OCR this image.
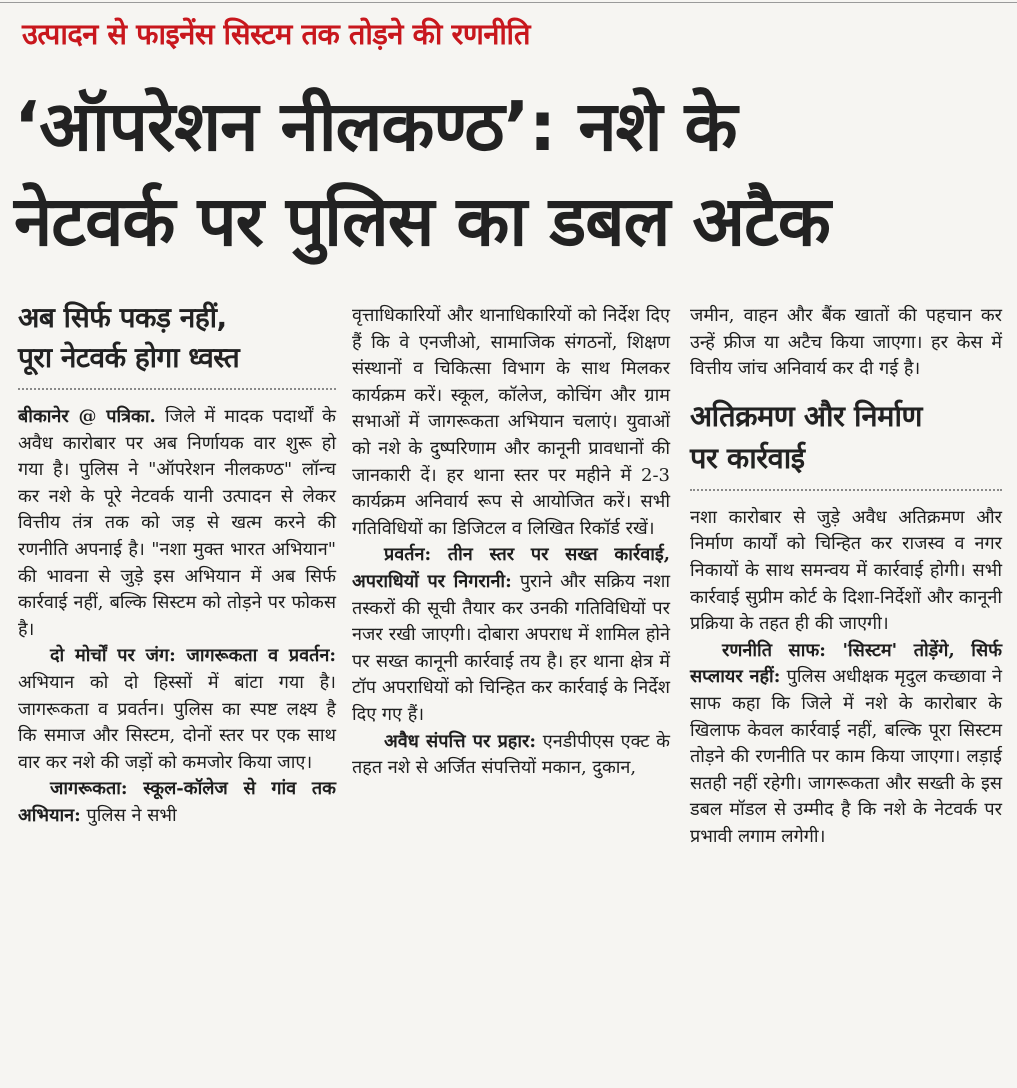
उत्पादन से फाइनेंस सिस्टम तक तोड़ने की रणनीति
‘ऑपरेशन नीलकण्ठ’: नशे के
नेटवर्क पर पुलिस का डबल अटैक
अब सिर्फ पकड़ नहीं,
पूरा नेटवर्क होगा ध्वस्त

बीकानेर @ पत्रिका. जिले में मादक पदार्थों के अवैध कारोबार पर अब निर्णायक वार शुरू हो गया है। पुलिस ने "ऑपरेशन नीलकण्ठ" लॉन्च कर नशे के पूरे नेटवर्क यानी उत्पादन से लेकर वित्तीय तंत्र तक को जड़ से खत्म करने की रणनीति अपनाई है। "नशा मुक्त भारत अभियान" की भावना से जुड़े इस अभियान में अब सिर्फ कार्रवाई नहीं, बल्कि सिस्टम को तोड़ने पर फोकस है।

दो मोर्चों पर जंग: जागरूकता व प्रवर्तन: अभियान को दो हिस्सों में बांटा गया है। जागरूकता व प्रवर्तन। पुलिस का स्पष्ट लक्ष्य है कि समाज और सिस्टम, दोनों स्तर पर एक साथ वार कर नशे की जड़ों को कमजोर किया जाए।

जागरूकता: स्कूल-कॉलेज से गांव तक अभियान: पुलिस ने सभी

वृत्ताधिकारियों और थानाधिकारियों को निर्देश दिए हैं कि वे एनजीओ, सामाजिक संगठनों, शिक्षण संस्थानों व चिकित्सा विभाग के साथ मिलकर कार्यक्रम करें। स्कूल, कॉलेज, कोचिंग और ग्राम सभाओं में जागरूकता अभियान चलाएं। युवाओं को नशे के दुष्परिणाम और कानूनी प्रावधानों की जानकारी दें। हर थाना स्तर पर महीने में 2-3 कार्यक्रम अनिवार्य रूप से आयोजित करें। सभी गतिविधियों का डिजिटल व लिखित रिकॉर्ड रखें।

प्रवर्तन: तीन स्तर पर सख्त कार्रवाई, अपराधियों पर निगरानी: पुराने और सक्रिय नशा तस्करों की सूची तैयार कर उनकी गतिविधियों पर नजर रखी जाएगी। दोबारा अपराध में शामिल होने पर सख्त कानूनी कार्रवाई तय है। हर थाना क्षेत्र में टॉप अपराधियों को चिन्हित कर कार्रवाई के निर्देश दिए गए हैं।

अवैध संपत्ति पर प्रहार: एनडीपीएस एक्ट के तहत नशे से अर्जित संपत्तियों मकान, दुकान,

जमीन, वाहन और बैंक खातों की पहचान कर उन्हें फ्रीज या अटैच किया जाएगा। हर केस में वित्तीय जांच अनिवार्य कर दी गई है।

अतिक्रमण और निर्माण
पर कार्रवाई

नशा कारोबार से जुड़े अवैध अतिक्रमण और निर्माण कार्यों को चिन्हित कर राजस्व व नगर निकायों के साथ समन्वय में कार्रवाई होगी। सभी कार्रवाई सुप्रीम कोर्ट के दिशा-निर्देशों और कानूनी प्रक्रिया के तहत ही की जाएगी।

रणनीति साफ: 'सिस्टम' तोड़ेंगे, सिर्फ सप्लायर नहीं: पुलिस अधीक्षक मृदुल कच्छावा ने साफ कहा कि जिले में नशे के कारोबार के खिलाफ केवल कार्रवाई नहीं, बल्कि पूरा सिस्टम तोड़ने की रणनीति पर काम किया जाएगा। लड़ाई सतही नहीं रहेगी। जागरूकता और सख्ती के इस डबल मॉडल से उम्मीद है कि नशे के नेटवर्क पर प्रभावी लगाम लगेगी।
